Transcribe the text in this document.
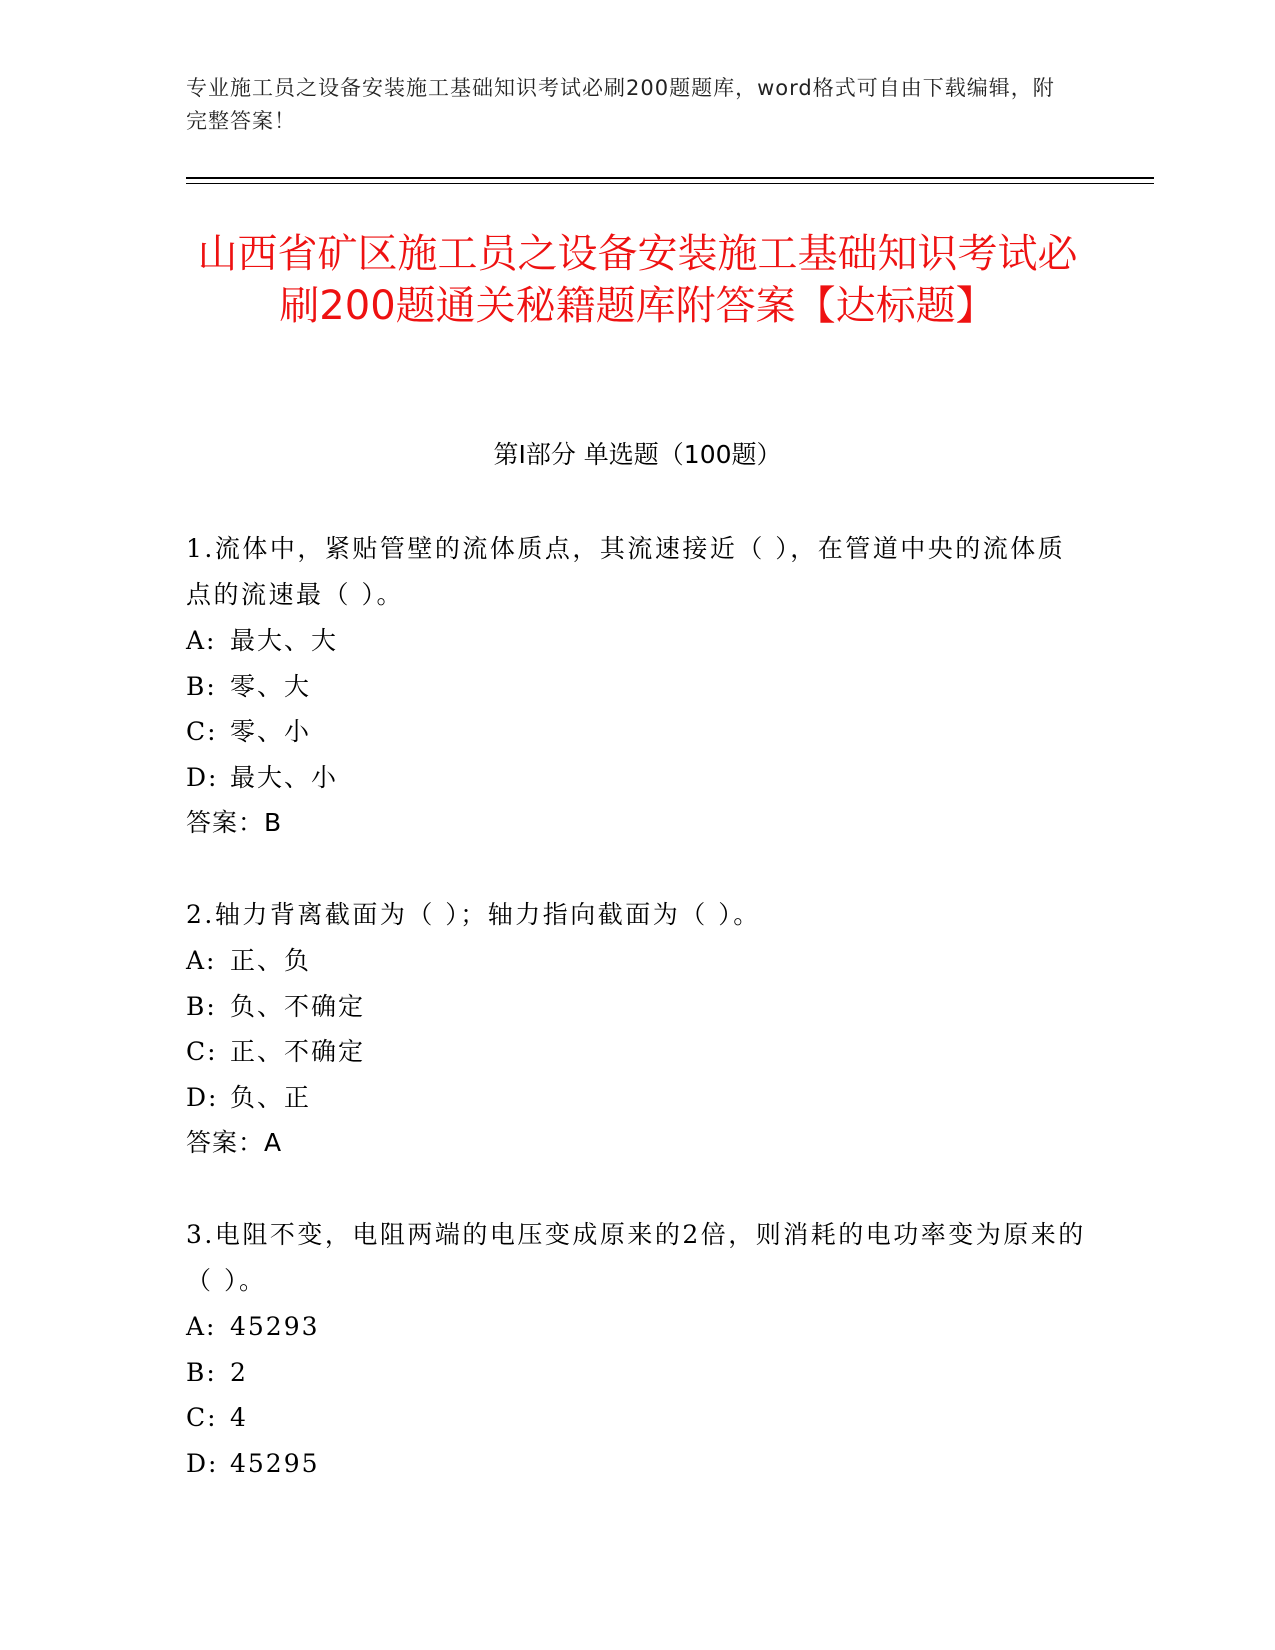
专业施工员之设备安装施工基础知识考试必刷200题题库，word格式可自由下载编辑，附完整答案！
山西省矿区施工员之设备安装施工基础知识考试必刷200题通关秘籍题库附答案【达标题】
第I部分 单选题（100题）

1.流体中，紧贴管壁的流体质点，其流速接近（ ），在管道中央的流体质点的流速最（ ）。

A: 最大、大
B: 零、大
C: 零、小
D: 最大、小
答案：B

2.轴力背离截面为（ ）；轴力指向截面为（ ）。

A: 正、负
B: 负、不确定
C: 正、不确定
D: 负、正
答案：A

3.电阻不变，电阻两端的电压变成原来的2倍，则消耗的电功率变为原来的（ ）。

A: 45293
B: 2
C: 4
D: 45295
